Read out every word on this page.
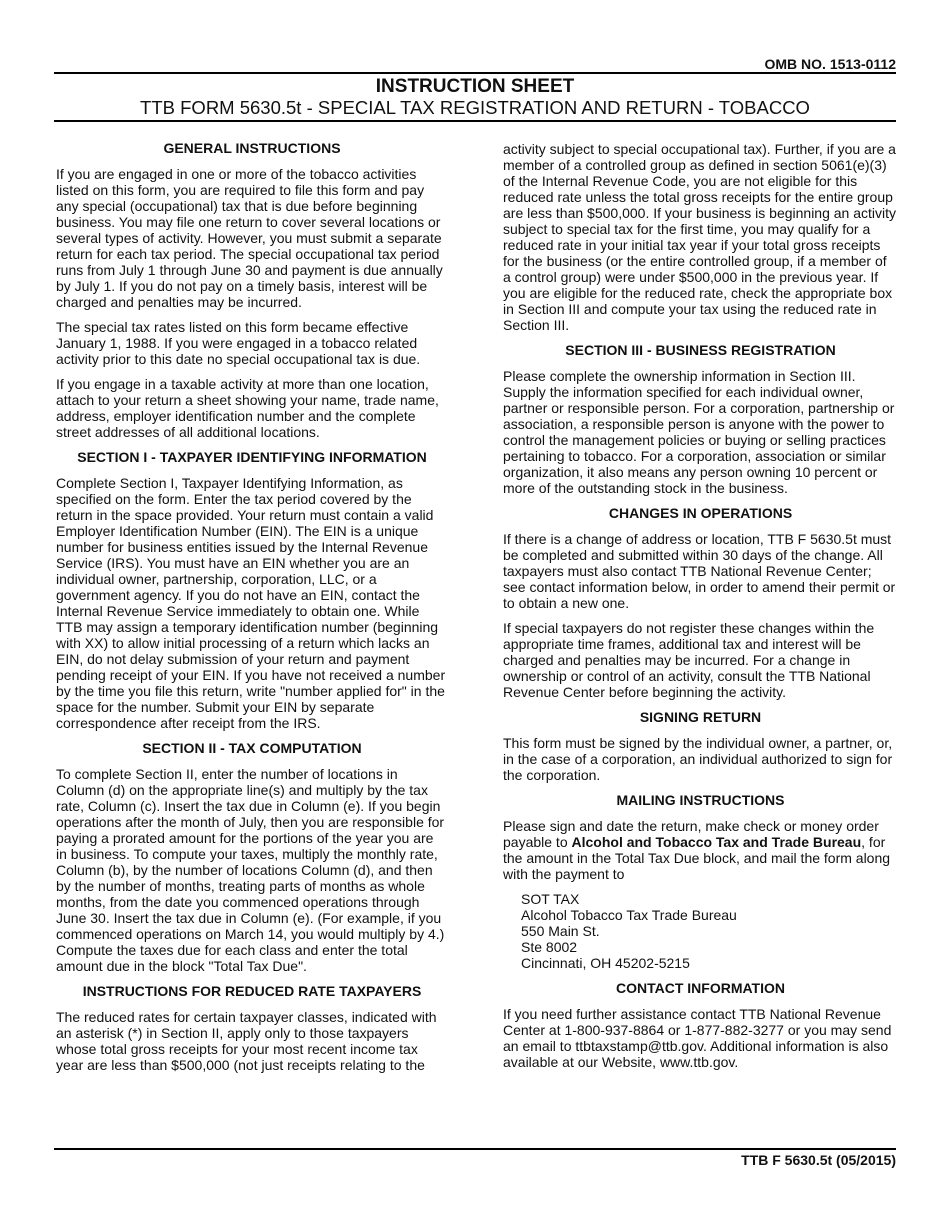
OMB NO. 1513-0112
INSTRUCTION SHEET
TTB FORM 5630.5t - SPECIAL TAX REGISTRATION AND RETURN - TOBACCO
GENERAL INSTRUCTIONS

If you are engaged in one or more of the tobacco activities listed on this form, you are required to file this form and pay any special (occupational) tax that is due before beginning business. You may file one return to cover several locations or several types of activity. However, you must submit a separate return for each tax period. The special occupational tax period runs from July 1 through June 30 and payment is due annually by July 1. If you do not pay on a timely basis, interest will be charged and penalties may be incurred.

The special tax rates listed on this form became effective January 1, 1988. If you were engaged in a tobacco related activity prior to this date no special occupational tax is due.

If you engage in a taxable activity at more than one location, attach to your return a sheet showing your name, trade name, address, employer identification number and the complete street addresses of all additional locations.

SECTION I - TAXPAYER IDENTIFYING INFORMATION

Complete Section I, Taxpayer Identifying Information, as specified on the form. Enter the tax period covered by the return in the space provided. Your return must contain a valid Employer Identification Number (EIN). The EIN is a unique number for business entities issued by the Internal Revenue Service (IRS). You must have an EIN whether you are an individual owner, partnership, corporation, LLC, or a government agency. If you do not have an EIN, contact the Internal Revenue Service immediately to obtain one. While TTB may assign a temporary identification number (beginning with XX) to allow initial processing of a return which lacks an EIN, do not delay submission of your return and payment pending receipt of your EIN. If you have not received a number by the time you file this return, write "number applied for" in the space for the number. Submit your EIN by separate correspondence after receipt from the IRS.

SECTION II - TAX COMPUTATION

To complete Section II, enter the number of locations in Column (d) on the appropriate line(s) and multiply by the tax rate, Column (c). Insert the tax due in Column (e). If you begin operations after the month of July, then you are responsible for paying a prorated amount for the portions of the year you are in business. To compute your taxes, multiply the monthly rate, Column (b), by the number of locations Column (d), and then by the number of months, treating parts of months as whole months, from the date you commenced operations through June 30. Insert the tax due in Column (e). (For example, if you commenced operations on March 14, you would multiply by 4.) Compute the taxes due for each class and enter the total amount due in the block "Total Tax Due".

INSTRUCTIONS FOR REDUCED RATE TAXPAYERS

The reduced rates for certain taxpayer classes, indicated with an asterisk (*) in Section II, apply only to those taxpayers whose total gross receipts for your most recent income tax year are less than $500,000 (not just receipts relating to the

activity subject to special occupational tax). Further, if you are a member of a controlled group as defined in section 5061(e)(3) of the Internal Revenue Code, you are not eligible for this reduced rate unless the total gross receipts for the entire group are less than $500,000. If your business is beginning an activity subject to special tax for the first time, you may qualify for a reduced rate in your initial tax year if your total gross receipts for the business (or the entire controlled group, if a member of a control group) were under $500,000 in the previous year. If you are eligible for the reduced rate, check the appropriate box in Section III and compute your tax using the reduced rate in Section III.

SECTION III - BUSINESS REGISTRATION

Please complete the ownership information in Section III. Supply the information specified for each individual owner, partner or responsible person. For a corporation, partnership or association, a responsible person is anyone with the power to control the management policies or buying or selling practices pertaining to tobacco. For a corporation, association or similar organization, it also means any person owning 10 percent or more of the outstanding stock in the business.

CHANGES IN OPERATIONS

If there is a change of address or location, TTB F 5630.5t must be completed and submitted within 30 days of the change. All taxpayers must also contact TTB National Revenue Center; see contact information below, in order to amend their permit or to obtain a new one.

If special taxpayers do not register these changes within the appropriate time frames, additional tax and interest will be charged and penalties may be incurred. For a change in ownership or control of an activity, consult the TTB National Revenue Center before beginning the activity.

SIGNING RETURN

This form must be signed by the individual owner, a partner, or, in the case of a corporation, an individual authorized to sign for the corporation.

MAILING INSTRUCTIONS

Please sign and date the return, make check or money order payable to Alcohol and Tobacco Tax and Trade Bureau, for the amount in the Total Tax Due block, and mail the form along with the payment to

SOT TAX
Alcohol Tobacco Tax Trade Bureau
550 Main St.
Ste 8002
Cincinnati, OH 45202-5215
CONTACT INFORMATION

If you need further assistance contact TTB National Revenue Center at 1-800-937-8864 or 1-877-882-3277 or you may send an email to ttbtaxstamp@ttb.gov. Additional information is also available at our Website, www.ttb.gov.

TTB F 5630.5t (05/2015)
